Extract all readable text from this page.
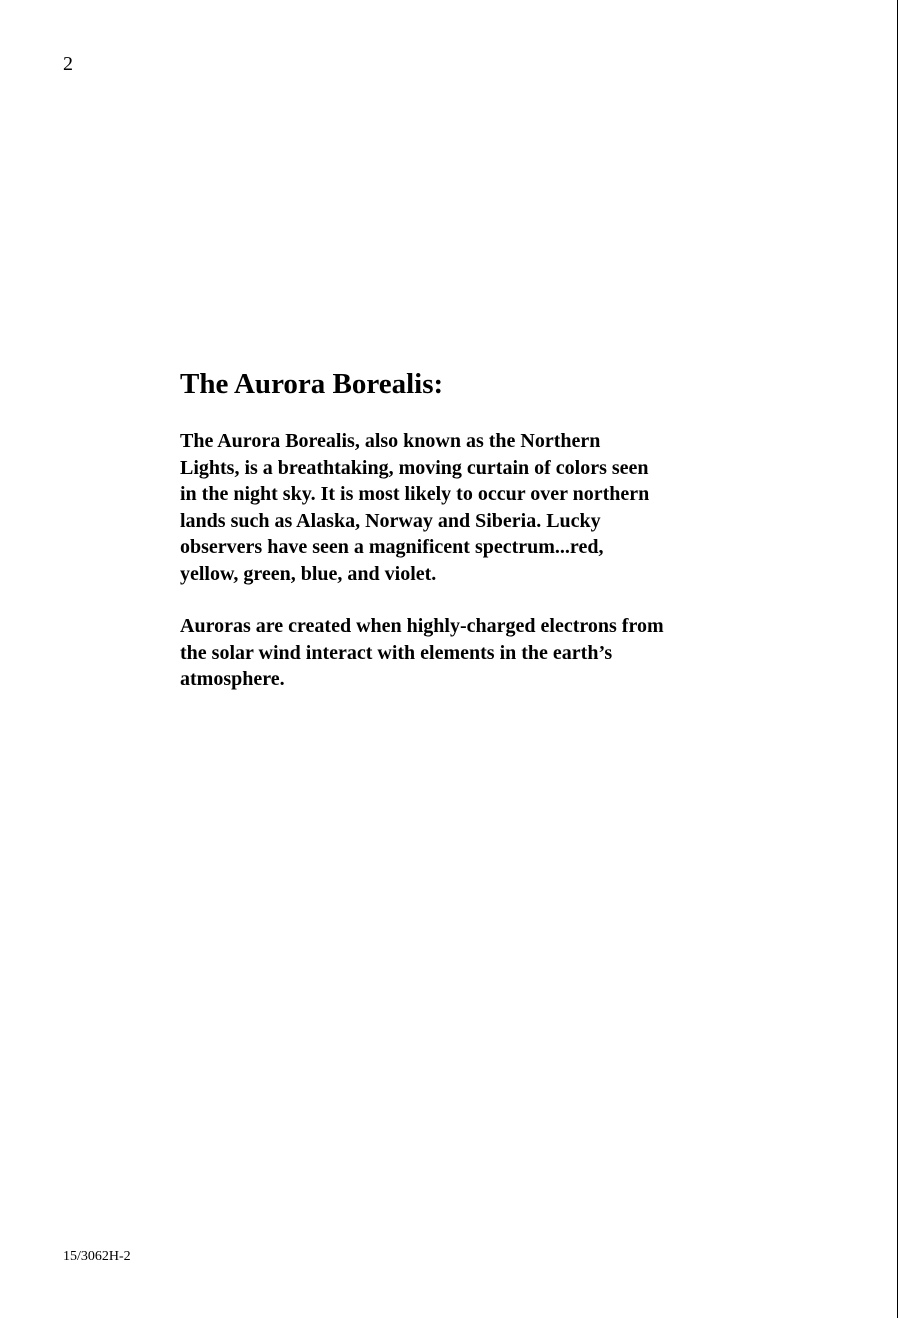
2
The Aurora Borealis:

The Aurora Borealis, also known as the Northern
Lights, is a breathtaking, moving curtain of colors seen
in the night sky. It is most likely to occur over northern
lands such as Alaska, Norway and Siberia. Lucky
observers have seen a magnificent spectrum...red,
yellow, green, blue, and violet.

Auroras are created when highly-charged electrons from
the solar wind interact with elements in the earth’s
atmosphere.

15/3062H-2
